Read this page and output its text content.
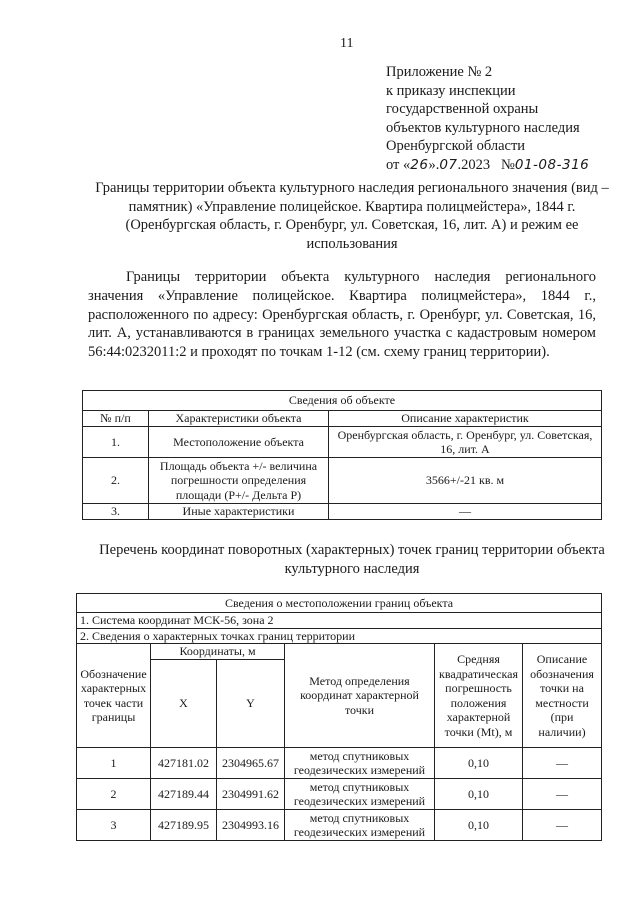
11
Приложение № 2
к приказу инспекции
государственной охраны
объектов культурного наследия
Оренбургской области
от «26».07.2023 №01-08-316
Границы территории объекта культурного наследия регионального значения (вид – памятник) «Управление полицейское. Квартира полицмейстера», 1844 г. (Оренбургская область, г. Оренбург, ул. Советская, 16, лит. А) и режим ее использования
Границы территории объекта культурного наследия регионального значения «Управление полицейское. Квартира полицмейстера», 1844 г., расположенного по адресу: Оренбургская область, г. Оренбург, ул. Советская, 16, лит. А, устанавливаются в границах земельного участка с кадастровым номером 56:44:0232011:2 и проходят по точкам 1-12 (см. схему границ территории).
Сведения об объекте		
№ п/п	Характеристики объекта	Описание характеристик
1.	Местоположение объекта	Оренбургская область, г. Оренбург, ул. Советская, 16, лит. А
2.	Площадь объекта +/- величина погрешности определения площади (Р+/- Дельта Р)	3566+/-21 кв. м
3.	Иные характеристики	—
Перечень координат поворотных (характерных) точек границ территории объекта культурного наследия
Сведения о местоположении границ объекта					
1. Система координат МСК-56, зона 2					
2. Сведения о характерных точках границ территории					
Обозначение характерных точек части границы	Координаты, м		Метод определения координат характерной точки	Средняя квадратическая погрешность положения характерной точки (Mt), м	Описание обозначения точки на местности (при наличии)
	X	Y			
1	427181.02	2304965.67	метод спутниковых геодезических измерений	0,10	—
2	427189.44	2304991.62	метод спутниковых геодезических измерений	0,10	—
3	427189.95	2304993.16	метод спутниковых геодезических измерений	0,10	—
